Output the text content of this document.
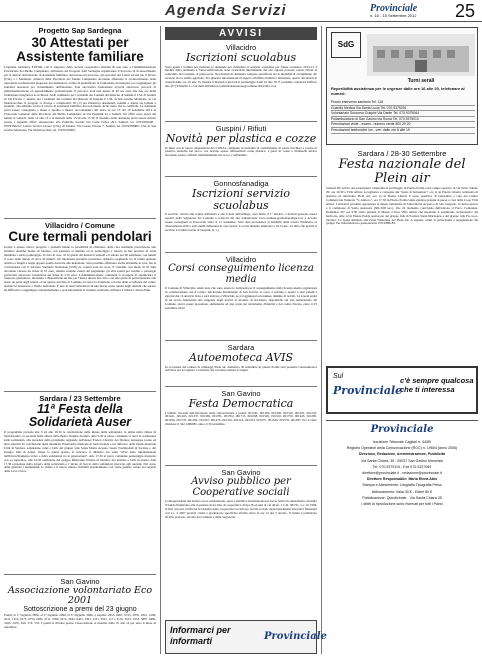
Agenda Servizi	Provinciale
n. 16 - 15 Settembre 2012 25
Progetto Sap Sardegna
30 Attestati per Assistente familiare
L'agenzia formativa EXFOR, con il supporto della società cooperativa Anziani & non solo e l'Amministrazione Provinciale del Medio Campidano, all'interno del Progetto SAP Sardegna organizzano il Percorso di riconoscimento per il rilascio dell'attestato di Assistente familiare. Attraverso un percorso, gli operatori dei Centri servizi per il lavoro (CSL) e i Mediatori culturali della Provincia del Medio Campidano dovranno effettuare il riconoscimento delle esperienze professionali pregresse dei destinatari, al fine di quantificare la formazione da integrare per raggiungere gli standard necessari per l'ottenimento dell'attestato. Tale successiva formazione avverrà attraverso percorsi di individualizzazione ed apprendimento professionale. Il percorso avrà una durata di 40 ore oltre alle due ore della formazione integrativa se richiesta. Sedi: seminario per i residenti dei Comuni del distretto di Sanluri il CSL di Sanluri in Via Pavese 7, mentre per i residenti dei Comuni del distretto di Guspini il CSL di San Gavino Monreale, in via Montevecchio. Il progetto si rivolge a complessivi 30 (15 per Distretto) destinatari, uomini e donne sia italiani e stranieri, che abbiano svolto il lavoro di assistente familiare ma non hanno alcun titolo che lo certifichi. La domanda potrà essere consegnata a mano o spedita a mezzo raccomandata AR entro le ore 13 del 19 settembre 2012 al Protocollo Generale della Provincia del Medio Campidano in Via Paganini 22 a Sanluri. Gli uffici sono aperti dal lunedì al venerdì, dalle 10 alle 13 e al martedì dalle 15.30 alle 17.30. Il modello della domanda potrà essere ritirato presso i seguenti uffici: Assessorato alle Politiche Sociali Via Carlo Felice 201, Sanluri, tel. 070/9356200 - 070/9356212; Centro Servizi Lavoro (CSL) di Sanluri, Via Cesare Pavese 7, Sanluri, tel. 070/9358800; CSL di San Gavino Monreale, Via Montevecchio, tel. 070/9376084.
Villacidro / Comune
Cure termali pendolari
Grazie a questo nuovo progetto, i pazienti hanno la possibilità di effettuare delle cure mediante prescrizione alle strutture Antiche Terme di Sardara, con partenza al mattino ed al pomeriggio e ritorno in bus previsto in tarda mattinata o tardo pomeriggio. Il ciclo di cure, di 12 giorni dal lunedì al venerdì e il sabato per 60 settimane, con lunedì il costo della durata di circa 45 minuti. Gli interessati potranno presentare richiesta scegliendo tra la prima opzione relativa a fanghi e bagni oppure quella riservata alle inalazioni. Sarà possibile effettuare anche entrambe le cure, ma la convenzione con il Servizio Sanitario Nazionale (SSN) ne coprirà solo un ciclo. Il cittadino con meno di 65 anni dovranno versare un ticket di 55 euro, mentre saranno esenti dal pagamento gli altri esenti per reddito o patologie particolari attraverso l'esenzione sui ticket di 3,10 euro. L'Amministrazione comunale si occuperà di organizzare il trasporto giornaliero, mettendo a disposizione un bus per l'intera durata del ciclo, con una quota di partecipazione alle spese da parte degli utenti. «Con questo servizio, il Comune accresce la dotazione con una delle eccellenze del centro termale in benessere a livello nazionale. È uno di tanti villacidresi di una fascia come quella degli anziani che spesso ha difficoltà a raggiungere autonomamente o sporadicamente le strutture sanitarie» dichiara il Sindaco Teresa Pinn.
Sardara / 23 Settembre
11ª Festa della Solidarietà Auser
Il programma prevede alle 9 ed alle 10.30 la celebrazione delle messe della solidarietà, la prima nella chiesa di Sant'Antonio, la seconda nella chiesa della Beata Vergine Assunta. Alle 9.30 si passo comunale si terrà la conferenza sulla solidarietà, alla presenza della presidente regionale dell'Auser Franca Cherchi, del Sindaco Giuseppe Garau ed altre autorità. In conclusione della mattinata l'intervento musicale di Sartoi bande e un rinfresco della banda musicale Città di Sardara, seguiranno canti e balli del gruppo folk Santa Maria Acquas, Suoni Tradizionali di Sardara e del Gruppo folk di Arbus. Dopo la pausa pranzo al concerto il dibattito dal tema "2012 anno internazionale dell'invecchiamento attivo e della solidarietà tra le generazioni". Alle 17.30 al parco comunale pomeriggio musicale con «a rapsodia», alle 16,30 esibizione del gruppo Musicante Umana di Sardara, ma anziane e balli in piazza. Alle 17,30 estrazione della lotteria della solidarietà e l' invito di Sorcio della solidarietà riservato agli anziani. Nel corso della giornata i monumenti, le chiese e il nuovo museo visitabili gratuitamente con visite guidate curate dai ragazzi della Leva civica.
San Gavino
Associazione volontariato Eco 2001
Sottoscrizione a premi del 23 giugno
Premi: al 1° biglietto 3850, al 2° biglietto 2096, al 3° biglietto 3066, a seguire: 2455, 6997, 0725, 2970, 1821, 2109, 2911, 1316, 0175, 0754, 0282, 2711, 2306, 2272, 2642, 0423, 1391, 2151, 3501, 1171, 3176, 3215, 1053, 3807, 0482, 3163, 2470, 926, 574, 535. I premi si ritirano presso l'associazione al mattino dalle 10 alle 12 per tutto il mese di settembre.
AVVISI
Villacidro
Iscrizioni scuolabus
Sono aperti i termini per inoltrare le domande per richiedere il servizio scuolabus per l'anno scolastico 2012/13. I moduli della domanda e l'autocertificazione sono scaricabili direttamente dal sito oppure possono essere ritirati al centralino del Comune, al piano terra. Nei moduli di domanda vengono specificate sia le modalità di svolgimento del servizio sia la tariffa applicate. Per ulteriori informazioni rivolgersi all'ufficio Pubblica Istruzione, aperto dal lunedì al venerdì dalle ore 10 alle 13, mentre il martedì e giovedì il pomeriggio dalle 16 alle 18. È possibile contattare l'ufficio allo (07) 9344226 2 o via mail all'indirizzo pubblicaistruzione@comune.villacidro.vs.it
Guspini / Rifiuti
Novità per plastica e cozze
In linea con le nuove disposizioni del CONAI, cambiano le modalità di conferimento di piatti, bicchieri e posate in plastica. Anziché nel secco, ora devono essere differenziati come plastica. I gusci di cozze e molluschi invece dovranno essere conferiti indistintamente nel secco e nell'umido.
Gonnosfanadiga
Iscrizioni servizio scuolabus
Il servizio, rivolto alle scuole d'infanzia e alle scuole dell'obbligo, avrà inizio il 1° Ottobre. I moduli possono essere reperiti nella Segreteria del Comune o scaricati dal sito istituzionale www.comune.gonnosfanadiga.ca.it e devono essere consegnati al Protocollo entro il 21 settembre. Sarà data precedenza ai bambini della scuola d'infanzia, ai diversamente abili e agli alunni dimoranti in case sparse. La retta mensile ammonta a 19,5 euro. La ditta che gestirà il servizio è la Ditta Garau di Guspini. (s. t.)
Villacidro
Corsi conseguimento licenza media
Il Comune di Villacidro rende noto che sono aperte le iscrizioni per il conseguimento della licenza media organizzata in collaborazione con il Centro Territoriale Permanente di San Gavino. Il corso è gratuito e aperto a tutti (adulti e giovani dai 16 anni) in vista e sarà attivato a Villacidro se si raggiungerà un numero minimo di iscritti. La scuola andrà in un orario funzionale alle esigenze degli iscritti. Il modulo di iscrizione, disponibile sul sito istituzionale del Comune, dovrà essere presentato, unitamente ad una copia del documento d'identità e del codice fiscale, entro il 25 settembre 2012.
Sardara
Autoemoteca AVIS
In occasione del raduno di campeggi Piein air, domenica 30 settembre in piazza Podda sarà presente l'Autoemoteca dell'Avis per accogliere i volontari che vorranno donare il sangue.
San Gavino
Festa Democratica
I numeri vincenti dell'estrazione della sottoscrizione a premi: 001341, 001393, 001340, 001319, 001431, 001250, 001241, 001263, 001337, 001369, 001781, 001702, 001713, 001068, 001526, 001310, 001756, 001645, 001285, 001636, 001776, 001184, 001352, 001479, 001316, 001516, 001353, 001675, 001326, 001555, 001287. Per il ritiro chiamare il 342 1499081, entro il 30 settembre.
San Gavino
Avviso pubblico per Cooperative sociali
La Responsabile del Settore socio assistenziale, sport e pubblica istruzione Rossa Lucia Saleci ha determinato di indire il bando finalizzato alla creazione di un albo di cooperative di tipo B ed enti di cui all'art. 1 L.R. 381/91, L.r. 16 1996, al fine di poter verificare le idoneità delle cooperative sociali per servizi sociali, quali inserimenti lavorativi finanziari con L.r. 2 2007 previsti criteri e graduatorie specifiche all'albo entro le ore 12 del 3 ottobre. Il bando è pubblicato all'albo pretorio, sul sito del Comune e della Segreteria.
Informarci per informarti	Provinciale
SdG
Turni serali
Reperibilità assistenza per le urgenze dalle ore 16 alle 20, telefonare ai numeri:
Pronto intervento sanitario Tel. 118
Guardia Medica Via Santa Lucia Tel. 070.9375251
Volontariato Soccorso Guspini Via Dante Tel. 070.9375064
Poliambulatorio di San Gavino via Roma Tel. 070.9375010
Prenotazioni visite - esami - numero verde 800 20 20
Prenotazioni telefoniche lun - ven: dalle ore 8 alle 19
Sardara / 28-30 Settembre
Festa nazionale del Plein air
Venerdì 28: Arrivo dei partecipanti. Ospitalità al parcheggio in Piazza Podda e nel campo sportivo di via Terni. Sabato 29: ore 10.30 a Villa Abbas, accoglienza e consegna del "gusto di benvenuto"; ore 11 in Piazza Libertà cerimonia di apertura ed intervento Plein Air; ore 12 in Piazza Libertà il cesso aperitivo di benvenuto a cura del Centro Commerciale Naturale "S. Antioco", ore 17.30 in Piazza Podda visita guidata gratuita al paese a cura della Coop Villa Abbas. I visitatori potranno apprezzare le chiese romaniche di Santa Maria Acquas e di San Gregorio, il centro storico e il complesso di Santa Anastasia (XII-XIII sec.). Ore 19 momento conviviale dell'edicola al Parco Comunale. Domenica 30: ore 9.30 visita guidata al Museo Civico Villa Abbas che mostrano il patrimonio archeologico del territorio. Alle 12 in Piazza Podda spettacolo del gruppo folk di Sardara Santa Mariaquas e del gruppo folk Pro Loco Sardara. Lo Stand abbinato alla Festa Nazionale del Plein Air. A seguire, saluti ai partecipanti e assegnazione dei gadget. Per informazioni e prenotazioni: 070.9386183.
Sul
Provinciale
c'è sempre qualcosa che ti interessa
Provinciale
Iscrizione Tribunale Cagliari n. 44/89
Registro Operatori della Comunicazione (ROC) n. 19604 (anno 2006)
Direzione, Redazione, Amministrazione, Pubblicità
Via Santa Chiara, 35 - 09037 San Gavino Monreale
Tel. 070.9375119 - Fax 070.9337089
direttore@provinciale.it - redazione@provinciale.it
Direttore Responsabile: Maria Elena Abis
Stampa e Allestimento: Litografia Tipografia Press
Abbonamento: Italia 30 € - Esteri 60 €
Pubblicazione: Quindicinale - Via Santa Chiara 35
I diritti di riproduzione sono riservati per tutti i Paesi
